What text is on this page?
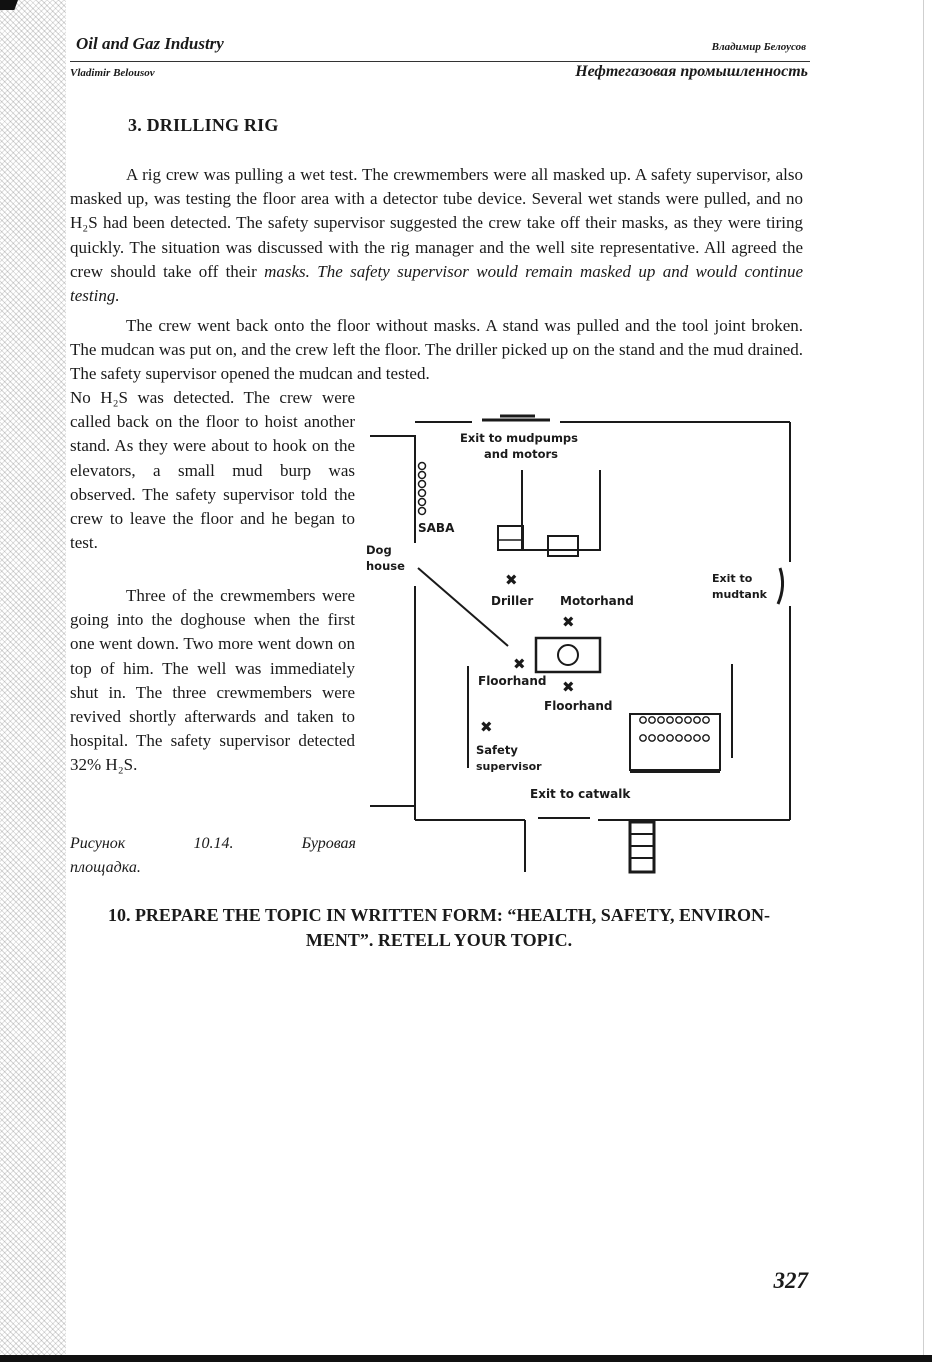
Oil and Gaz Industry	Владимир Белоусов
Vladimir Belousov	Нефтегазовая промышленность
3. DRILLING RIG
A rig crew was pulling a wet test. The crewmembers were all masked up. A safety supervisor, also masked up, was testing the floor area with a detector tube device. Several wet stands were pulled, and no H₂S had been detected. The safety supervisor suggested the crew take off their masks, as they were tiring quickly. The situation was discussed with the rig manager and the well site representative. All agreed the crew should take off their masks. The safety supervisor would remain masked up and would continue testing.
The crew went back onto the floor without masks. A stand was pulled and the tool joint broken. The mudcan was put on, and the crew left the floor. The driller picked up on the stand and the mud drained. The safety supervisor opened the mudcan and tested.
No H₂S was detected. The crew were called back on the floor to hoist another stand. As they were about to hook on the elevators, a small mud burp was observed. The safety supervisor told the crew to leave the floor and he began to test.
Three of the crewmembers were going into the doghouse when the first one went down. Two more went down on top of him. The well was immediately shut in. The three crewmembers were revived shortly afterwards and taken to hospital. The safety supervisor detected 32% H₂S.
Exit to mudpumps
and motors
SABA
Dog
house
Exit to
mudtank
✖
Driller Motorhand
✖
✖
Floorhand ✖
Floorhand
✖
Safety
supervisor
Exit to catwalk
Рисунок	10.14.	Буровая
площадка.
10. PREPARE THE TOPIC IN WRITTEN FORM: “HEALTH, SAFETY, ENVIRON-
MENT”. RETELL YOUR TOPIC.
327
